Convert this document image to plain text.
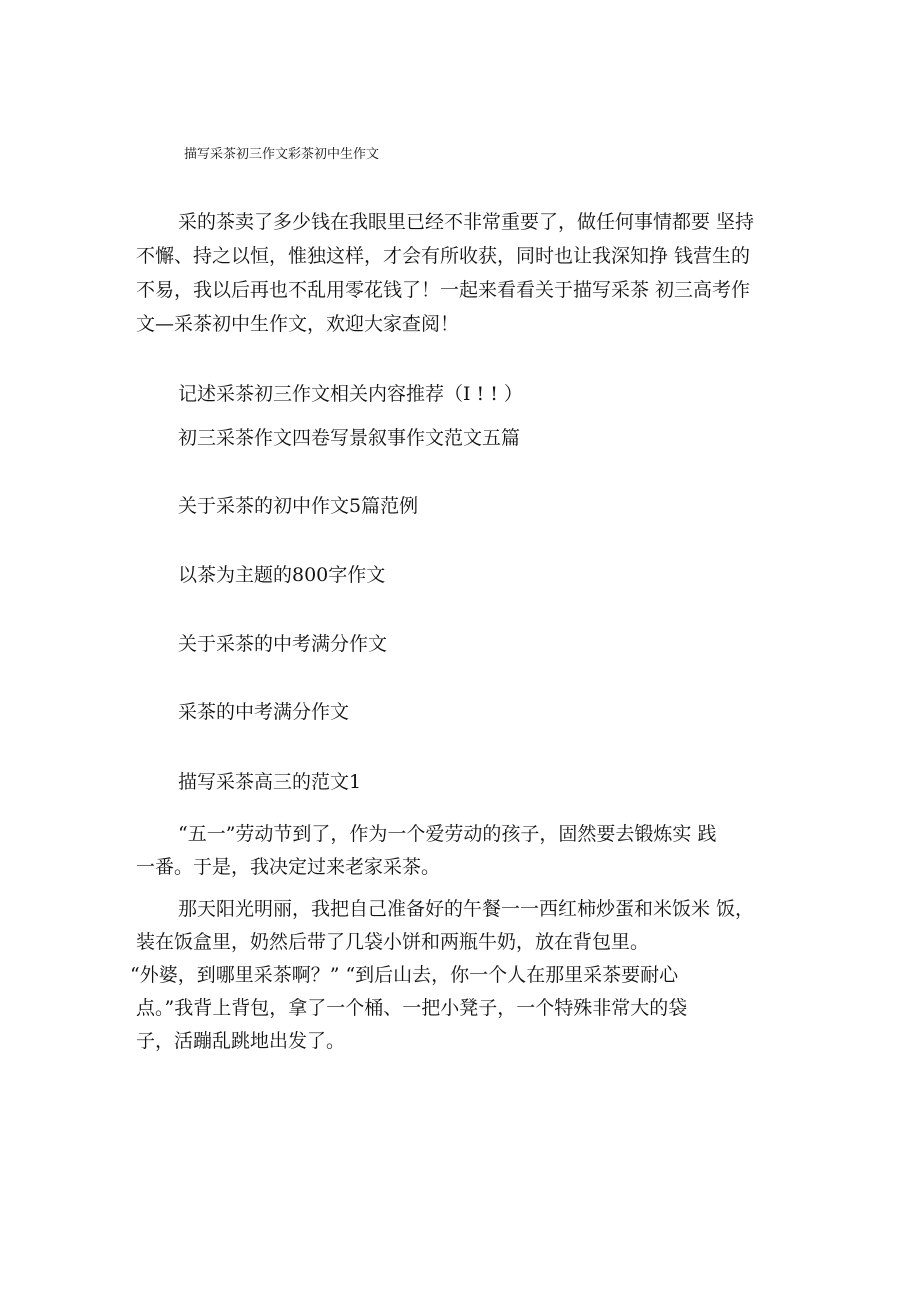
描写采茶初三作文彩茶初中生作文
采的茶卖了多少钱在我眼里已经不非常重要了，做任何事情都要 坚持
不懈、持之以恒，惟独这样，才会有所收获，同时也让我深知挣 钱营生的
不易，我以后再也不乱用零花钱了！一起来看看关于描写采茶 初三高考作
文—采茶初中生作文，欢迎大家查阅！
记述采茶初三作文相关内容推荐（I ! ! ）
初三采茶作文四卷写景叙事作文范文五篇
关于采茶的初中作文5篇范例
以茶为主题的800字作文
关于采茶的中考满分作文
采茶的中考满分作文
描写采茶高三的范文1
“五一”劳动节到了，作为一个爱劳动的孩子，固然要去锻炼实 践
一番。于是，我决定过来老家采茶。
那天阳光明丽，我把自己准备好的午餐一一西红柿炒蛋和米饭米 饭，
装在饭盒里，奶然后带了几袋小饼和两瓶牛奶，放在背包里。
“外婆，到哪里采茶啊？” “到后山去，你一个人在那里采茶要耐心
点。”我背上背包，拿了一个桶、一把小凳子，一个特殊非常大的袋
子，活蹦乱跳地出发了。
